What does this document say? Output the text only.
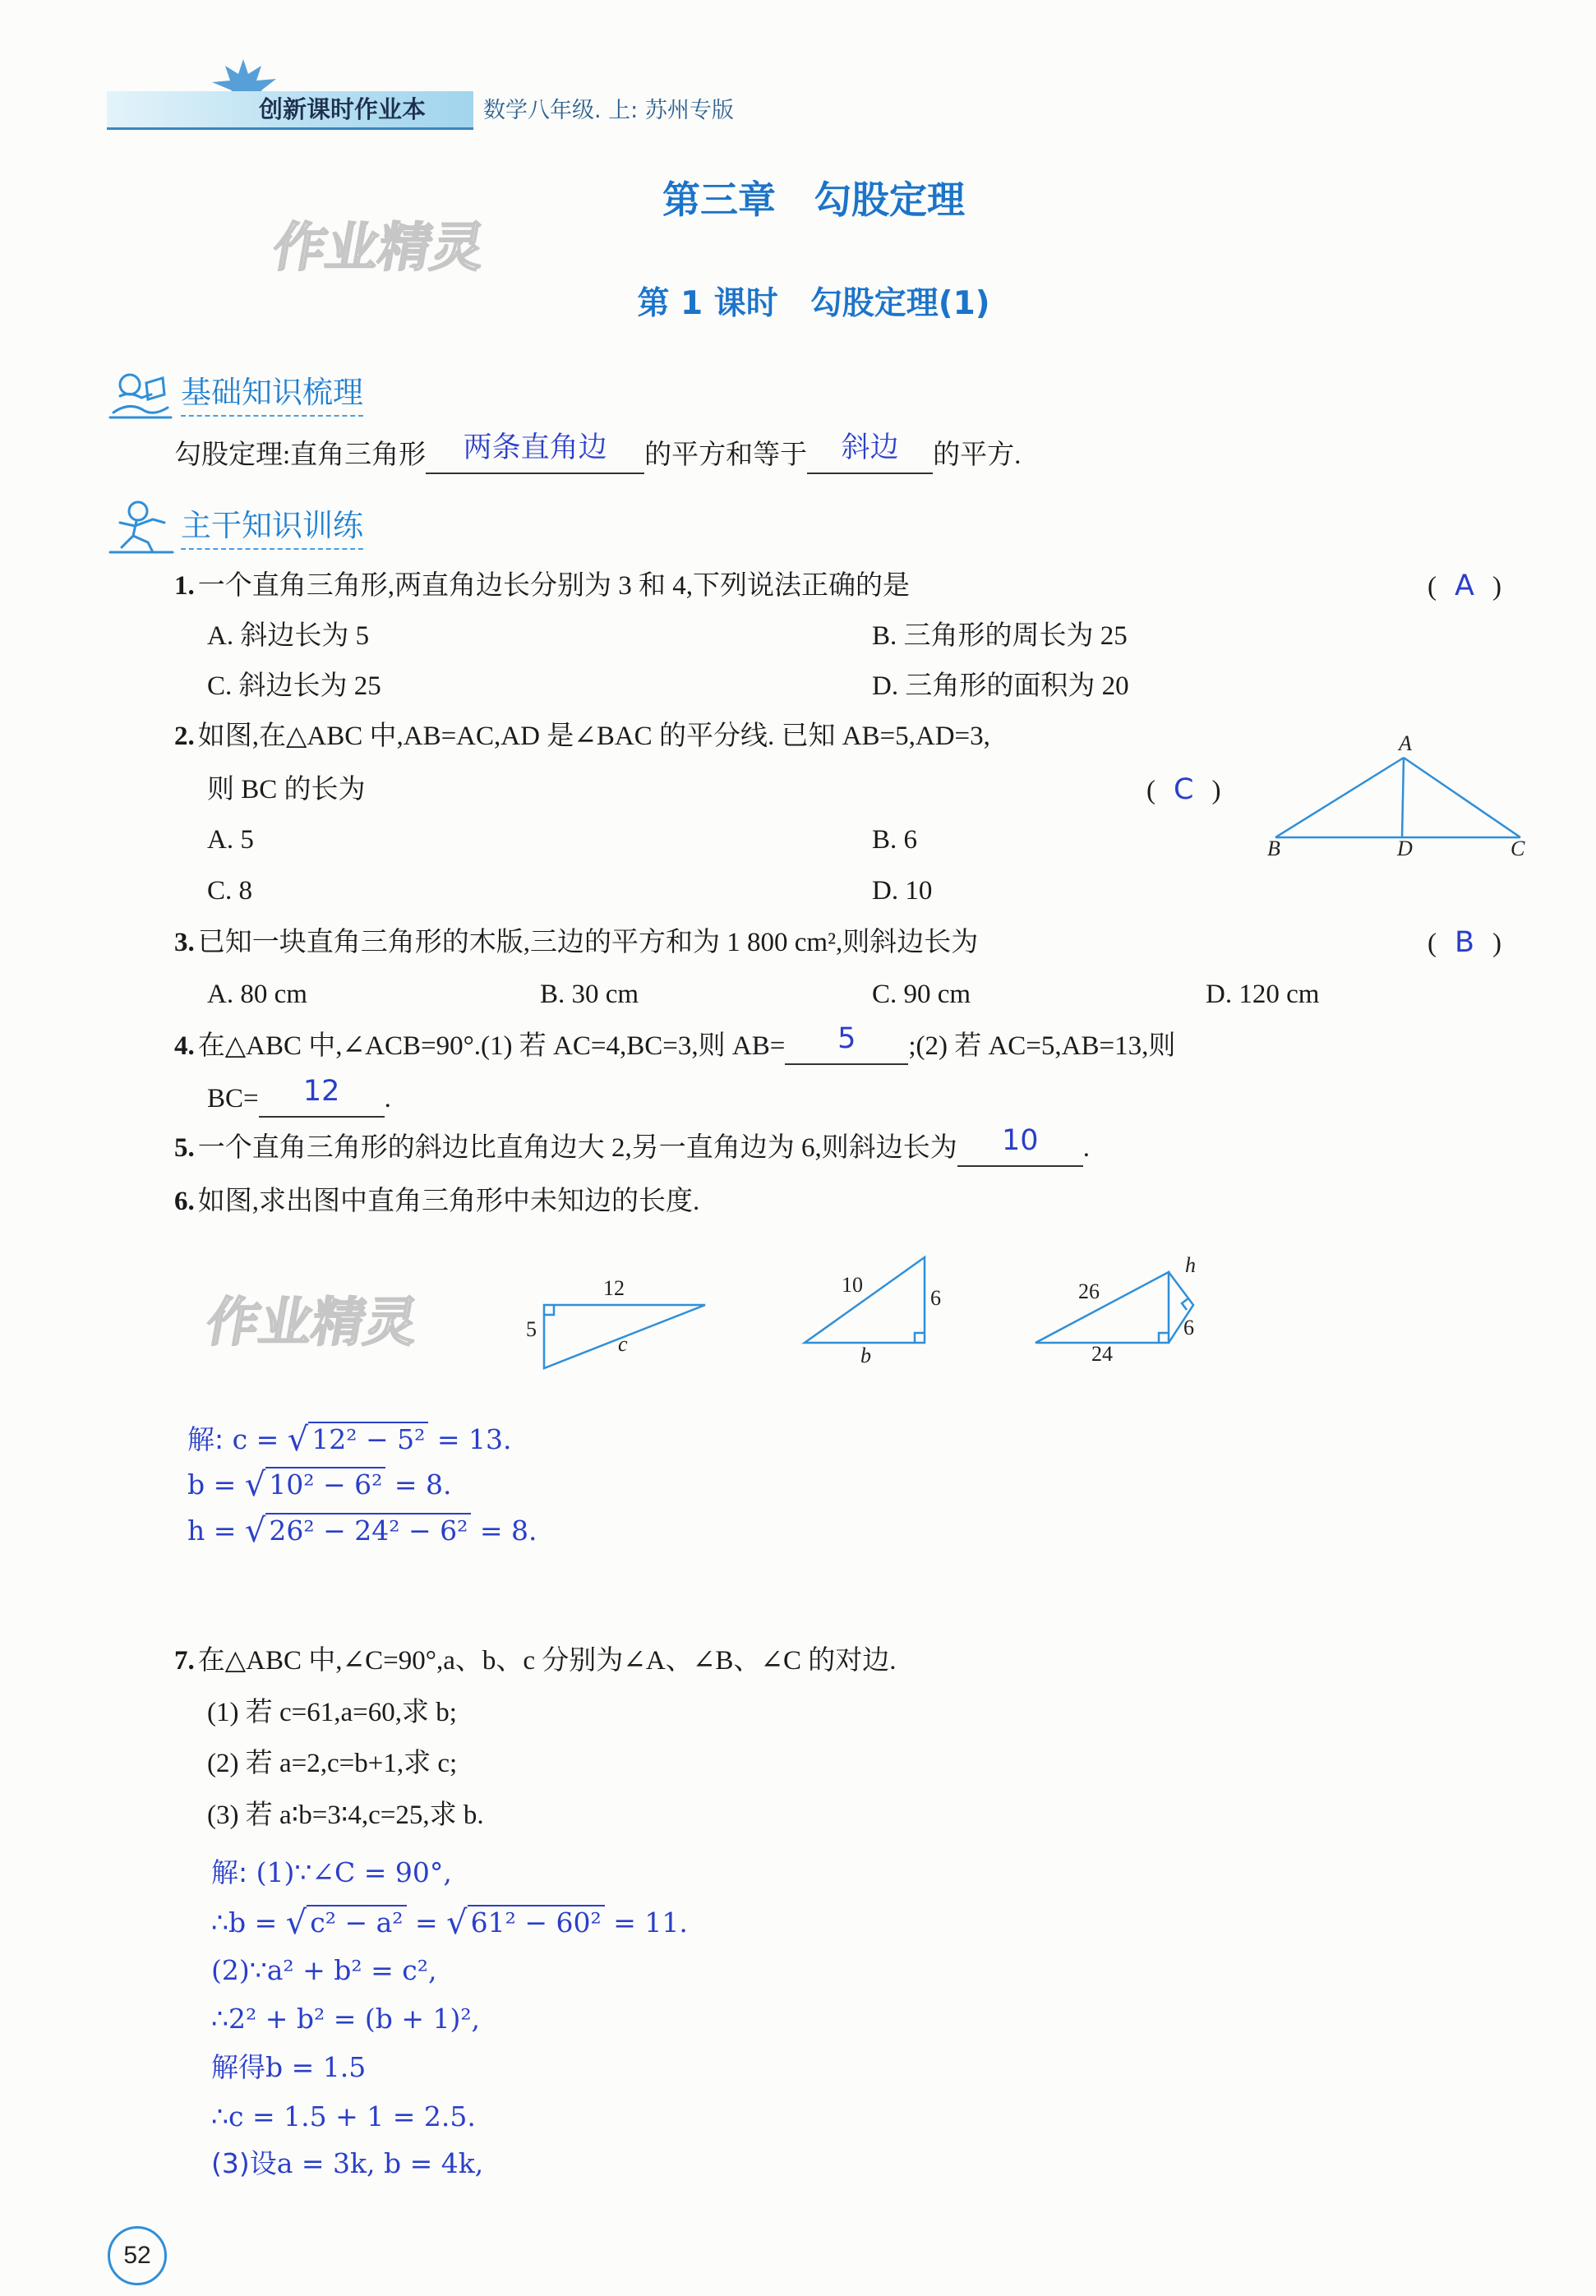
创新课时作业本	数学八年级. 上: 苏州专版
作业精灵
作业精灵
第三章　勾股定理
第 1 课时　勾股定理(1)
基础知识梳理
勾股定理:直角三角形 两条直角边 的平方和等于 斜边 的平方.
主干知识训练
1. 一个直角三角形,两直角边长分别为 3 和 4,下列说法正确的是	( A )
A. 斜边长为 5	B. 三角形的周长为 25
C. 斜边长为 25	D. 三角形的面积为 20
2. 如图,在△ABC 中,AB=AC,AD 是∠BAC 的平分线. 已知 AB=5,AD=3,
则 BC 的长为	( C )
A. 5	B. 6
C. 8	D. 10
A
B	D	C
3. 已知一块直角三角形的木版,三边的平方和为 1 800 cm²,则斜边长为	( B )
A. 80 cm	B. 30 cm	C. 90 cm	D. 120 cm
4. 在△ABC 中,∠ACB=90°.(1) 若 AC=4,BC=3,则 AB= 5 ;(2) 若 AC=5,AB=13,则
BC= 12 .
5. 一个直角三角形的斜边比直角边大 2,另一直角边为 6,则斜边长为 10 .
6. 如图,求出图中直角三角形中未知边的长度.
12
5
c
10
6
b
26
24
h
6
解: c = √ 12² − 5² = 13.
b = √ 10² − 6² = 8.
h = √ 26² − 24² − 6² = 8.
7. 在△ABC 中,∠C=90°,a、b、c 分别为∠A、∠B、∠C 的对边.
(1) 若 c=61,a=60,求 b;
(2) 若 a=2,c=b+1,求 c;
(3) 若 a∶b=3∶4,c=25,求 b.
解: (1)∵∠C = 90°,
∴b = √ c² − a² = √ 61² − 60² = 11.
(2)∵a² + b² = c²,
∴2² + b² = (b + 1)²,
解得b = 1.5
∴c = 1.5 + 1 = 2.5.
(3)设a = 3k, b = 4k,
52
